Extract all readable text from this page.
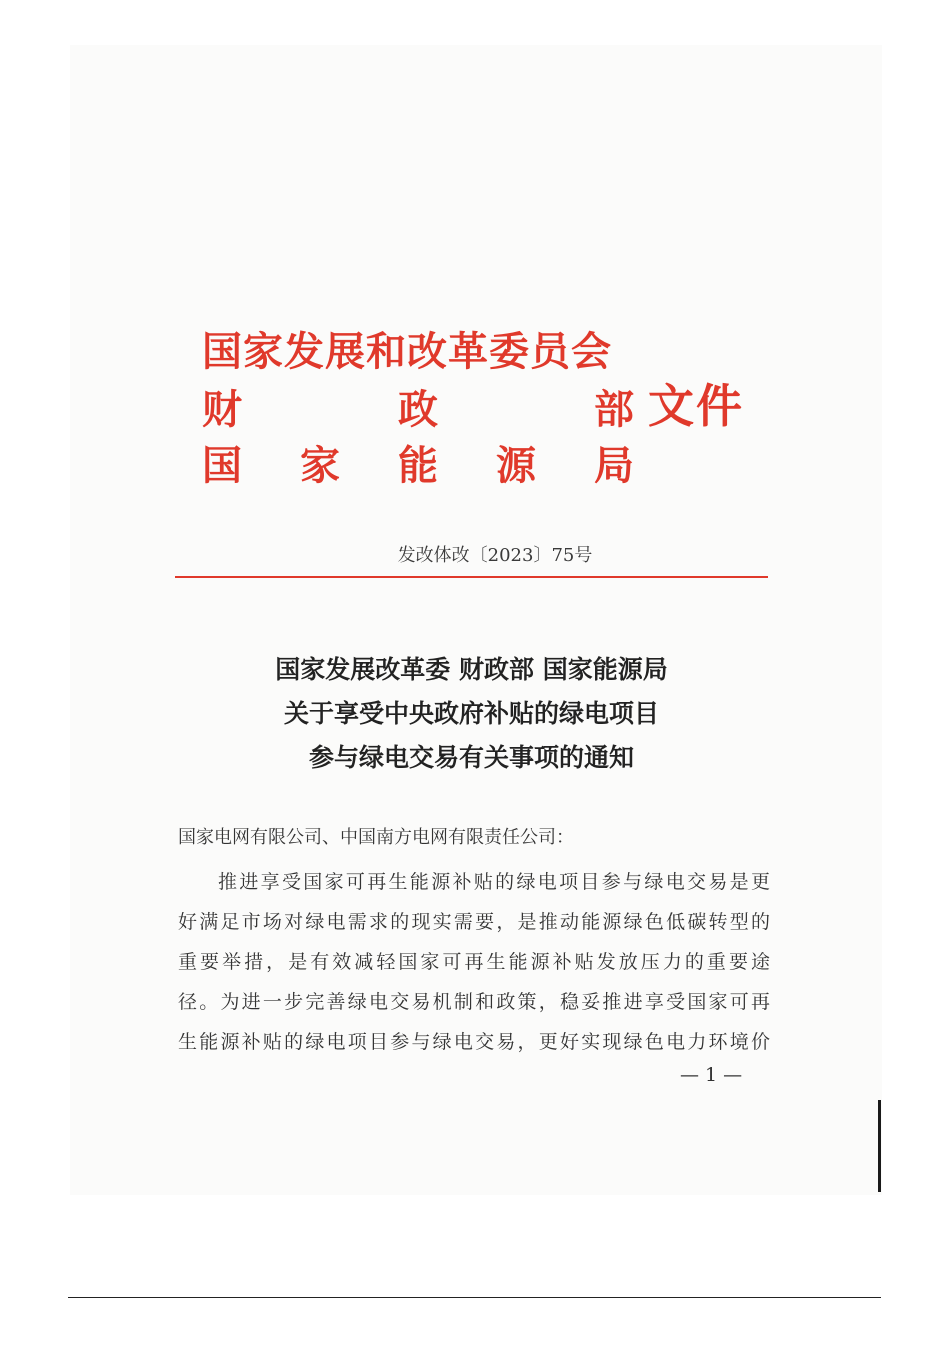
国家发展和改革委员会
财	政	部
国 家 能 源 局
文件
发改体改〔2023〕75号
国家发展改革委 财政部 国家能源局
关于享受中央政府补贴的绿电项目
参与绿电交易有关事项的通知
国家电网有限公司、中国南方电网有限责任公司：
推进享受国家可再生能源补贴的绿电项目参与绿电交易是更
好满足市场对绿电需求的现实需要，是推动能源绿色低碳转型的
重要举措，是有效减轻国家可再生能源补贴发放压力的重要途
径。为进一步完善绿电交易机制和政策，稳妥推进享受国家可再
生能源补贴的绿电项目参与绿电交易，更好实现绿色电力环境价
— 1 —
